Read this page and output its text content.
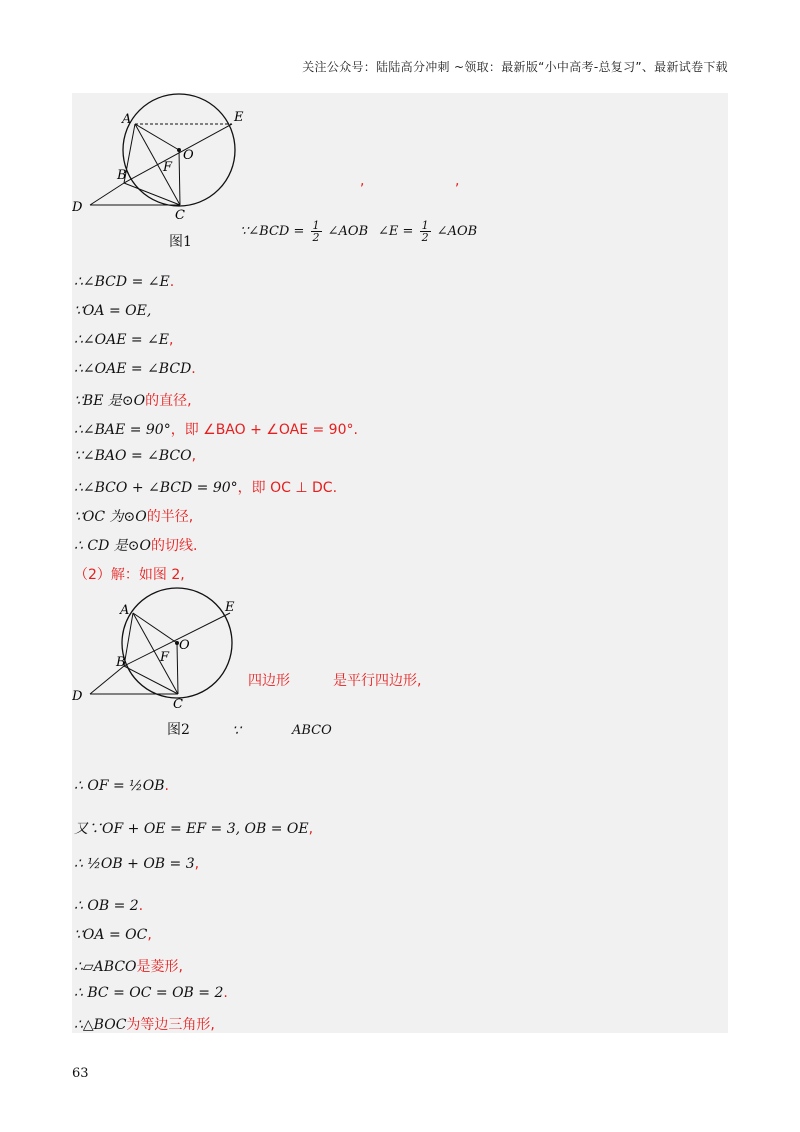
关注公众号：陆陆高分冲刺 ~领取：最新版“小中高考-总复习”、最新试卷下载
A	E
O
F
B
D
C
图1
,	,
∵∠BCD = $\frac{1}{2}$ ∠AOB ∠E = $\frac{1}{2}$ ∠AOB
∴∠BCD = ∠E.
∵OA = OE,
∴∠OAE = ∠E,
∴∠OAE = ∠BCD.
∵BE 是⊙O的直径,
∴∠BAE = 90°，即 ∠BAO + ∠OAE = 90°.
∵∠BAO = ∠BCO,
∴∠BCO + ∠BCD = 90°，即 OC ⊥ DC.
∵OC 为⊙O的半径,
∴ CD 是⊙O的切线.
（2）解：如图 2,
A	E
O
F
B
D
C
图2
四边形	是平行四边形,
∵	ABCO
∴ OF = ½OB.
又∵OF + OE = EF = 3, OB = OE,
∴ ½OB + OB = 3,
∴ OB = 2.
∵OA = OC,
∴▱ABCO是菱形,
∴ BC = OC = OB = 2.
∴△BOC为等边三角形,
63
